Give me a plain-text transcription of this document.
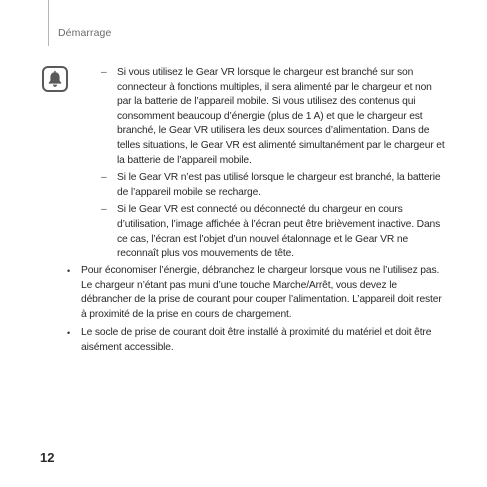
Démarrage
– Si vous utilisez le Gear VR lorsque le chargeur est branché sur son connecteur à fonctions multiples, il sera alimenté par le chargeur et non par la batterie de l’appareil mobile. Si vous utilisez des contenus qui consomment beaucoup d’énergie (plus de 1 A) et que le chargeur est branché, le Gear VR utilisera les deux sources d’alimentation. Dans de telles situations, le Gear VR est alimenté simultanément par le chargeur et la batterie de l’appareil mobile.
– Si le Gear VR n’est pas utilisé lorsque le chargeur est branché, la batterie de l’appareil mobile se recharge.
– Si le Gear VR est connecté ou déconnecté du chargeur en cours d’utilisation, l’image affichée à l’écran peut être brièvement inactive. Dans ce cas, l’écran est l’objet d’un nouvel étalonnage et le Gear VR ne reconnaît plus vos mouvements de tête.
• Pour économiser l’énergie, débranchez le chargeur lorsque vous ne l’utilisez pas. Le chargeur n’étant pas muni d’une touche Marche/Arrêt, vous devez le débrancher de la prise de courant pour couper l’alimentation. L’appareil doit rester à proximité de la prise en cours de chargement.
• Le socle de prise de courant doit être installé à proximité du matériel et doit être aisément accessible.
12
